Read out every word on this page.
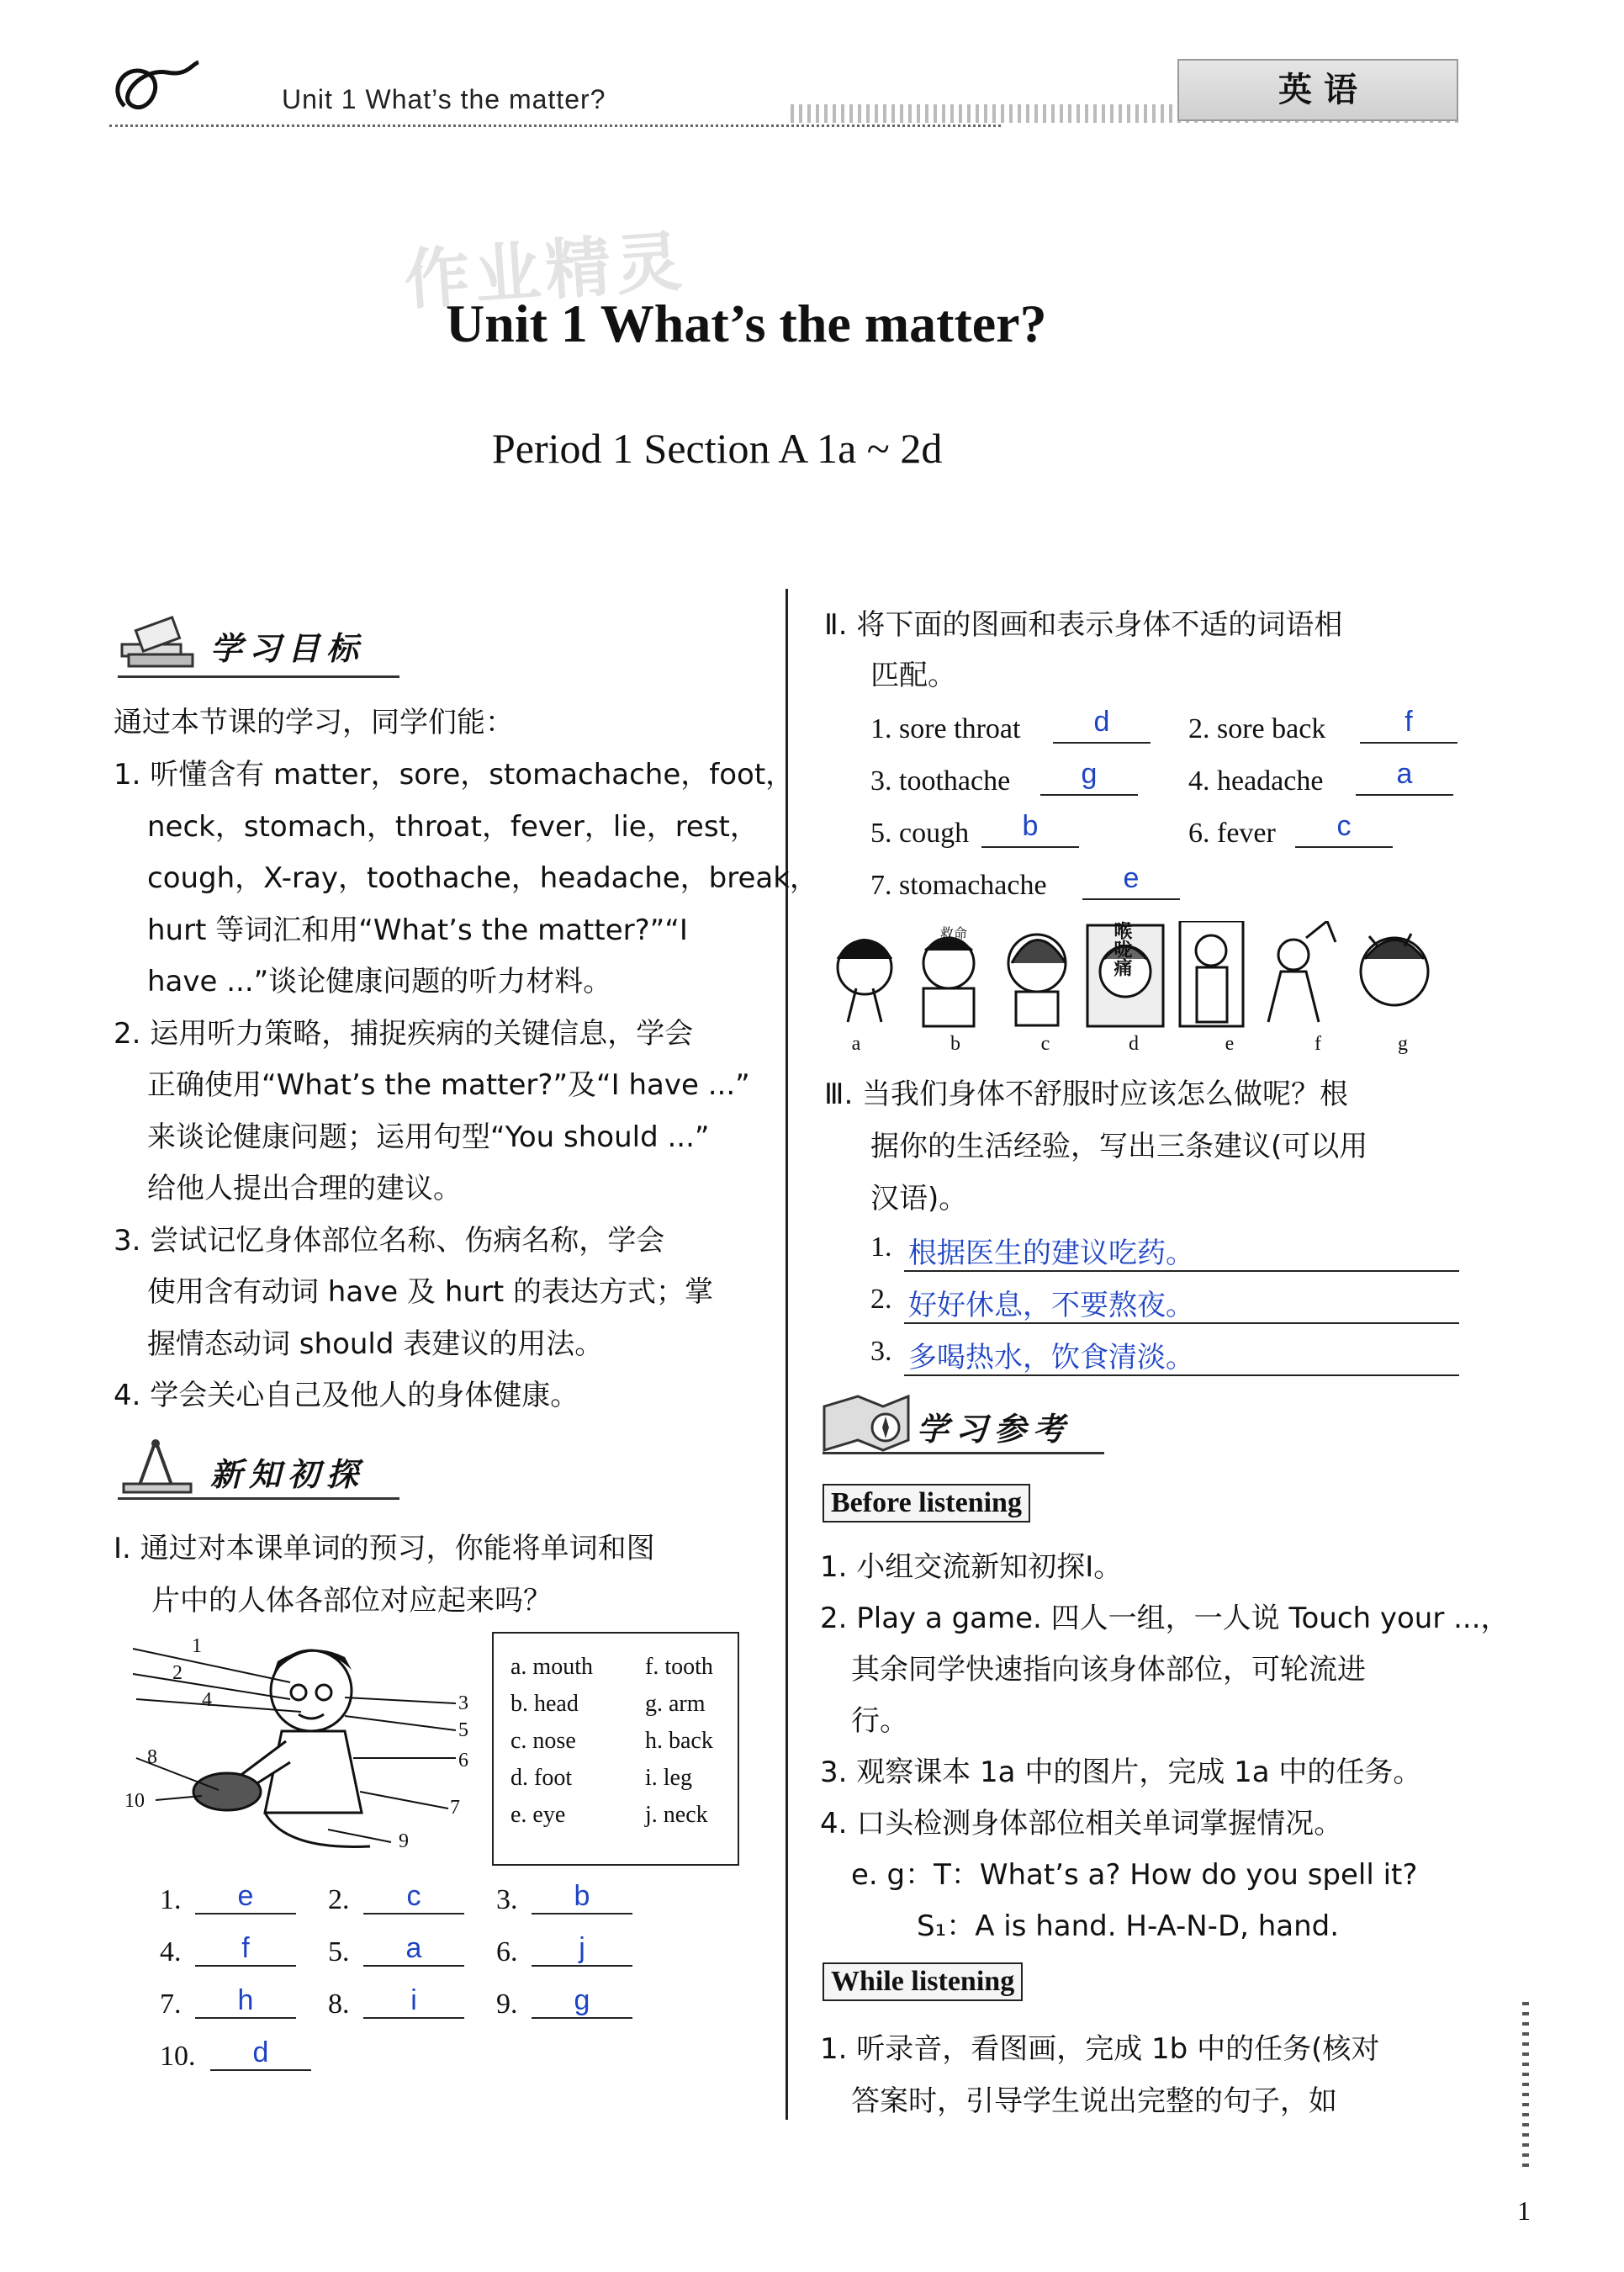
Unit 1 What’s the matter?	英 语
作业精灵
Unit 1 What’s the matter?
Period 1 Section A 1a ~ 2d
学习目标
通过本节课的学习，同学们能：
1. 听懂含有 matter，sore，stomachache，foot，
neck，stomach，throat，fever，lie，rest，
cough，X-ray，toothache，headache，break，
hurt 等词汇和用“What’s the matter?”“I
have ...”谈论健康问题的听力材料。
2. 运用听力策略，捕捉疾病的关键信息，学会
正确使用“What’s the matter?”及“I have ...”
来谈论健康问题；运用句型“You should ...”
给他人提出合理的建议。
3. 尝试记忆身体部位名称、伤病名称，学会
使用含有动词 have 及 hurt 的表达方式；掌
握情态动词 should 表建议的用法。
4. 学会关心自己及他人的身体健康。
新知初探
Ⅰ. 通过对本课单词的预习，你能将单词和图
片中的人体各部位对应起来吗？
1
2
3
4
5
6
7
8
9
10
a. mouth f. tooth
b. head	g. arm
c. nose	h. back
d. foot	i. leg
e. eye	j. neck
1.	e	2.	c	3.	b
4.	f	5.	a	6.	j
7.	h	8.	i	9.	g
10.	d
Ⅱ. 将下面的图画和表示身体不适的词语相
匹配。
1. sore throat	d	2. sore back	f
3. toothache	g	4. headache	a
5. cough	b	6. fever	c
7. stomachache	e
救命	喉咙痛
a	b	c	d	e	f	g
Ⅲ. 当我们身体不舒服时应该怎么做呢？根
据你的生活经验，写出三条建议(可以用
汉语)。
1. 根据医生的建议吃药。
2. 好好休息，不要熬夜。
3. 多喝热水，饮食清淡。
学习参考
Before listening
1. 小组交流新知初探Ⅰ。
2. Play a game. 四人一组，一人说 Touch your ...，
其余同学快速指向该身体部位，可轮流进
行。
3. 观察课本 1a 中的图片，完成 1a 中的任务。
4. 口头检测身体部位相关单词掌握情况。
e. g：T：What’s a? How do you spell it?
S₁：A is hand. H-A-N-D, hand.
While listening
1. 听录音，看图画，完成 1b 中的任务(核对
答案时，引导学生说出完整的句子，如
1
